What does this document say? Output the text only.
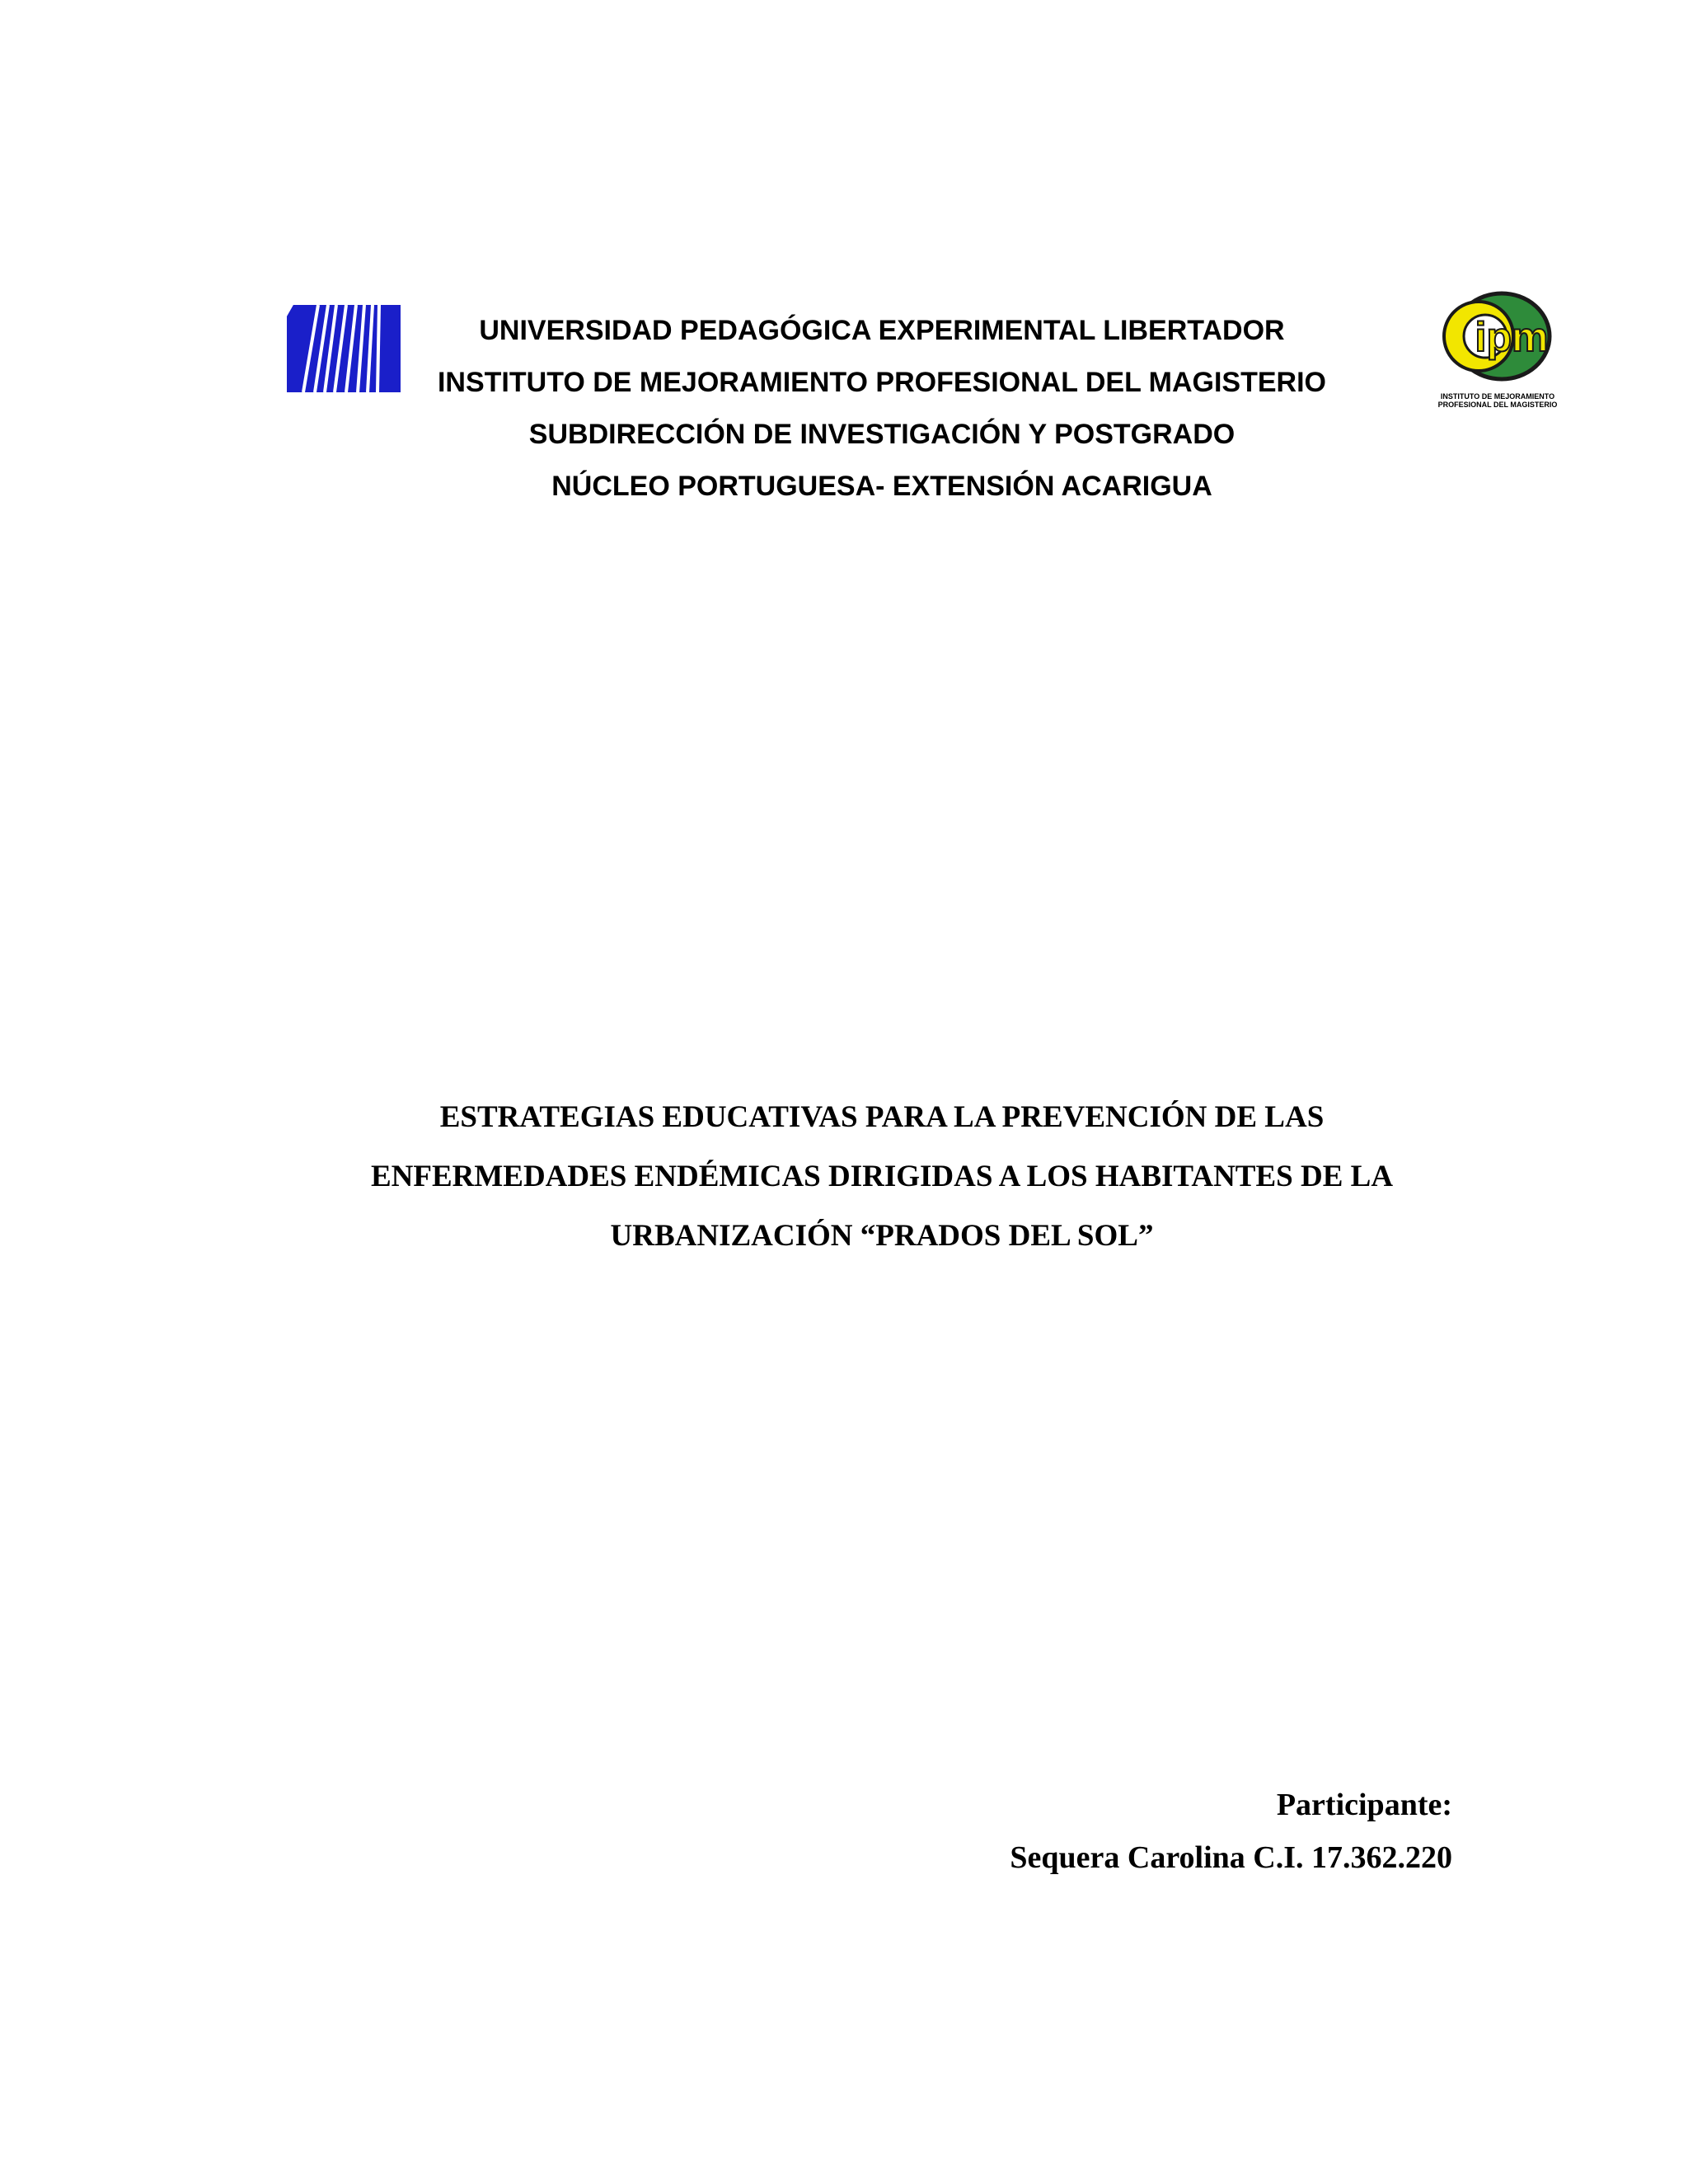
ipm
INSTITUTO DE MEJORAMIENTO
PROFESIONAL DEL MAGISTERIO
UNIVERSIDAD PEDAGÓGICA EXPERIMENTAL LIBERTADOR
INSTITUTO DE MEJORAMIENTO PROFESIONAL DEL MAGISTERIO
SUBDIRECCIÓN DE INVESTIGACIÓN Y POSTGRADO
NÚCLEO PORTUGUESA- EXTENSIÓN ACARIGUA
ESTRATEGIAS EDUCATIVAS PARA LA PREVENCIÓN DE LAS
ENFERMEDADES ENDÉMICAS DIRIGIDAS A LOS HABITANTES DE LA
URBANIZACIÓN “PRADOS DEL SOL”
Participante:
Sequera Carolina C.I. 17.362.220
